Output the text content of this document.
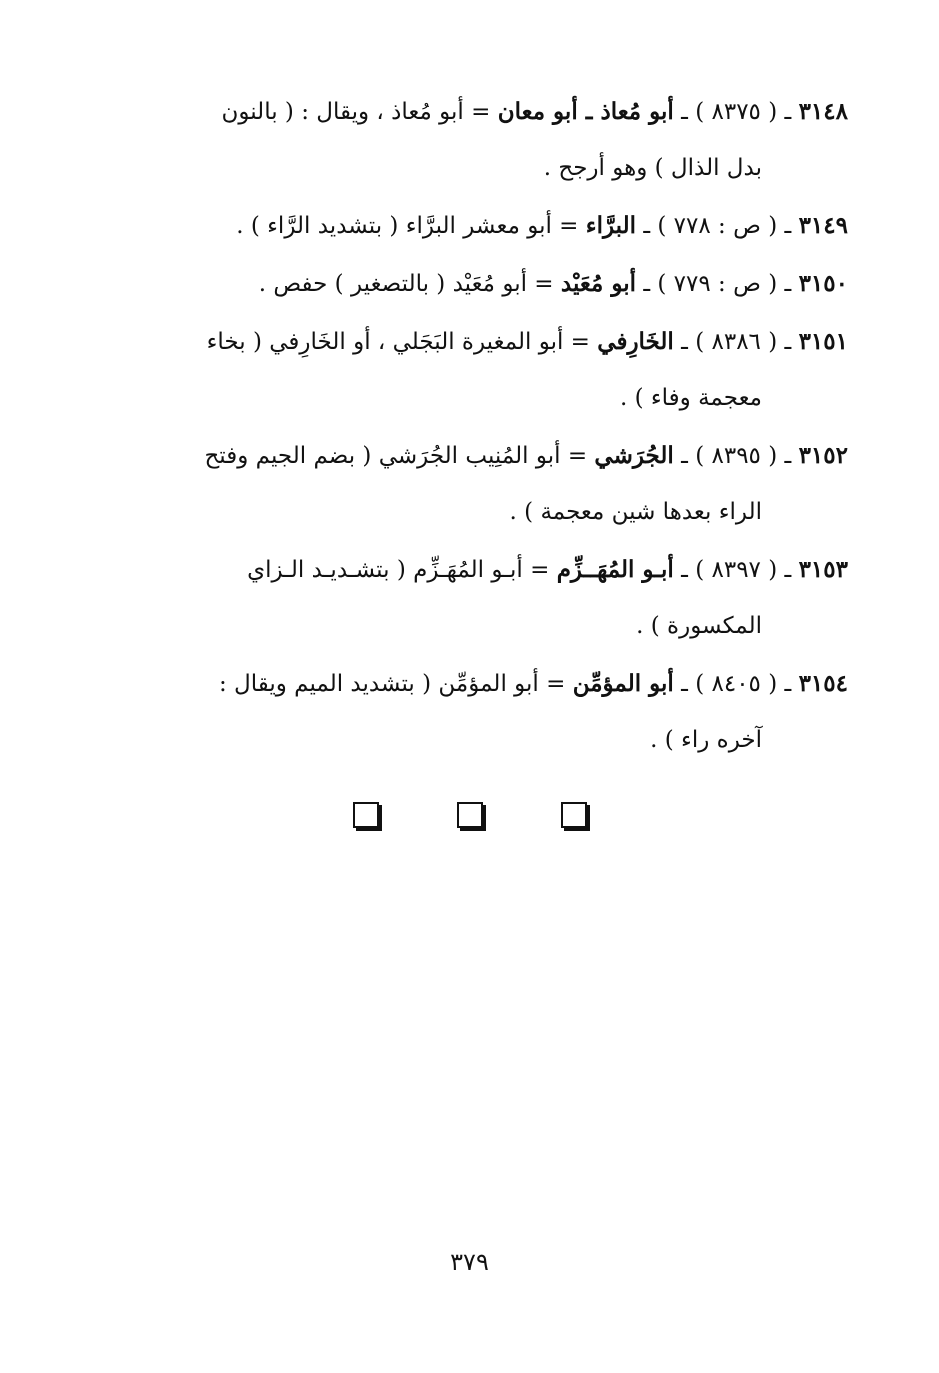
٣١٤٨ ـ ( ٨٣٧٥ ) ـ أبو مُعاذ ـ أبو معان = أبو مُعاذ ، ويقال : ( بالنون
بدل الذال ) وهو أرجح .
٣١٤٩ ـ ( ص : ٧٧٨ ) ـ البرَّاء = أبو معشر البرَّاء ( بتشديد الرَّاء ) .
٣١٥٠ ـ ( ص : ٧٧٩ ) ـ أبو مُعَيْد = أبو مُعَيْد ( بالتصغير ) حفص .
٣١٥١ ـ ( ٨٣٨٦ ) ـ الخَارِفي = أبو المغيرة البَجَلي ، أو الخَارِفي ( بخاء
معجمة وفاء ) .
٣١٥٢ ـ ( ٨٣٩٥ ) ـ الجُرَشي = أبو المُنِيب الجُرَشي ( بضم الجيم وفتح
الراء بعدها شين معجمة ) .
٣١٥٣ ـ ( ٨٣٩٧ ) ـ أبـو المُهَــزِّم = أبـو المُهَـزِّم ( بتشـديـد الـزاي
المكسورة ) .
٣١٥٤ ـ ( ٨٤٠٥ ) ـ أبو المؤمِّن = أبو المؤمِّن ( بتشديد الميم ويقال :
آخره راء ) .
٣٧٩
